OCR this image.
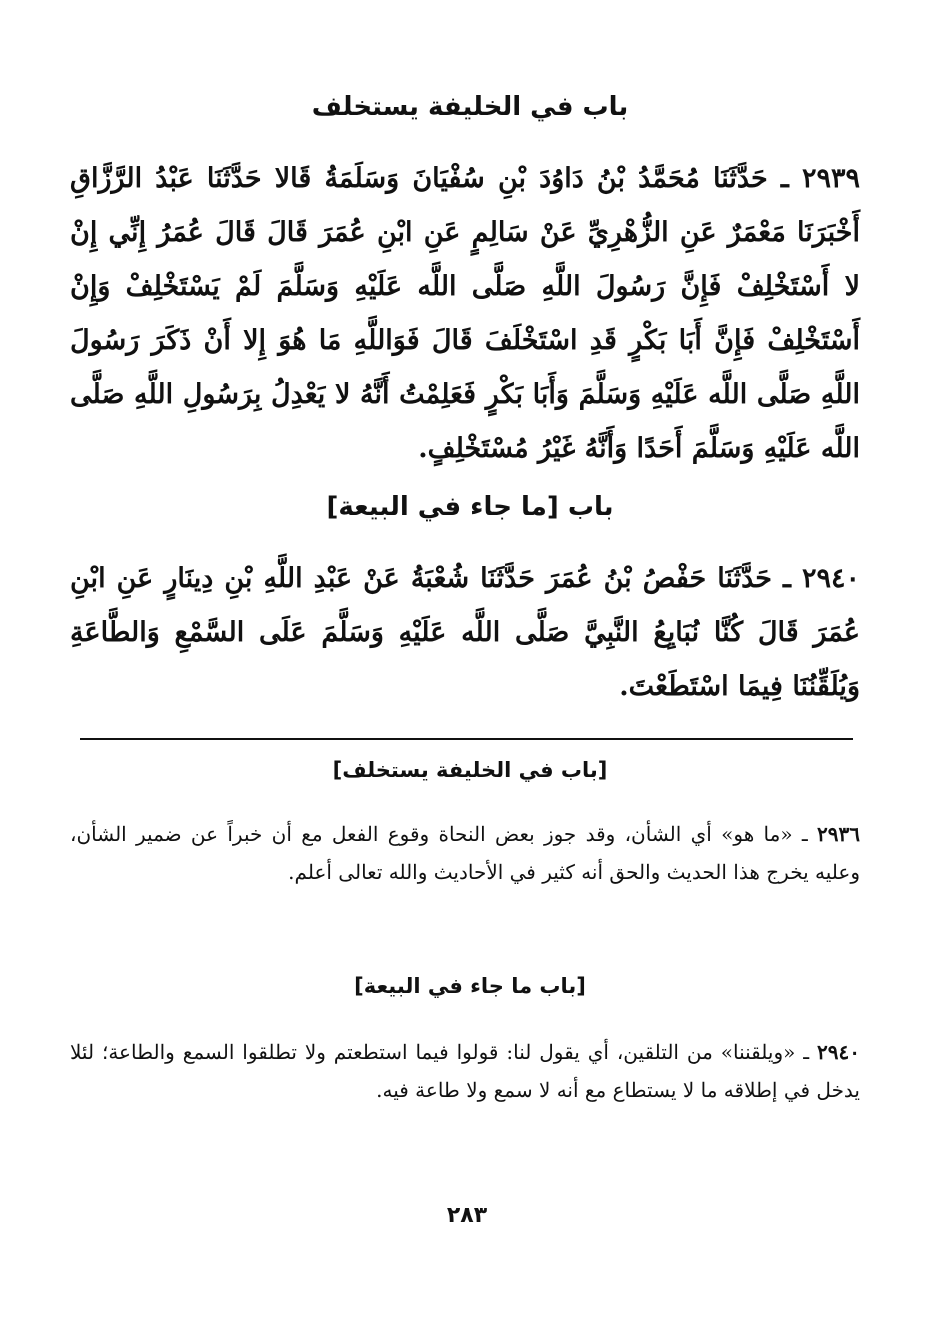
باب في الخليفة يستخلف
٢٩٣٩ ـ حَدَّثَنَا مُحَمَّدُ بْنُ دَاوُدَ بْنِ سُفْيَانَ وَسَلَمَةُ قَالا حَدَّثَنَا عَبْدُ الرَّزَّاقِ أَخْبَرَنَا مَعْمَرٌ عَنِ الزُّهْرِيِّ عَنْ سَالِمٍ عَنِ ابْنِ عُمَرَ قَالَ قَالَ عُمَرُ إِنِّي إِنْ لا أَسْتَخْلِفْ فَإِنَّ رَسُولَ اللَّهِ صَلَّى اللَّه عَلَيْهِ وَسَلَّمَ لَمْ يَسْتَخْلِفْ وَإِنْ أَسْتَخْلِفْ فَإِنَّ أَبَا بَكْرٍ قَدِ اسْتَخْلَفَ قَالَ فَوَاللَّهِ مَا هُوَ إِلا أَنْ ذَكَرَ رَسُولَ اللَّهِ صَلَّى اللَّه عَلَيْهِ وَسَلَّمَ وَأَبَا بَكْرٍ فَعَلِمْتُ أَنَّهُ لا يَعْدِلُ بِرَسُولِ اللَّهِ صَلَّى اللَّه عَلَيْهِ وَسَلَّمَ أَحَدًا وَأَنَّهُ غَيْرُ مُسْتَخْلِفٍ.
باب [ما جاء في البيعة]
٢٩٤٠ ـ حَدَّثَنَا حَفْصُ بْنُ عُمَرَ حَدَّثَنَا شُعْبَةُ عَنْ عَبْدِ اللَّهِ بْنِ دِينَارٍ عَنِ ابْنِ عُمَرَ قَالَ كُنَّا نُبَايِعُ النَّبِيَّ صَلَّى اللَّه عَلَيْهِ وَسَلَّمَ عَلَى السَّمْعِ وَالطَّاعَةِ وَيُلَقِّنُنَا فِيمَا اسْتَطَعْتَ.
[باب في الخليفة يستخلف]
٢٩٣٦ ـ «ما هو» أي الشأن، وقد جوز بعض النحاة وقوع الفعل مع أن خبراً عن ضمير الشأن، وعليه يخرج هذا الحديث والحق أنه كثير في الأحاديث والله تعالى أعلم.
[باب ما جاء في البيعة]
٢٩٤٠ ـ «ويلقننا» من التلقين، أي يقول لنا: قولوا فيما استطعتم ولا تطلقوا السمع والطاعة؛ لئلا يدخل في إطلاقه ما لا يستطاع مع أنه لا سمع ولا طاعة فيه.
٢٨٣
